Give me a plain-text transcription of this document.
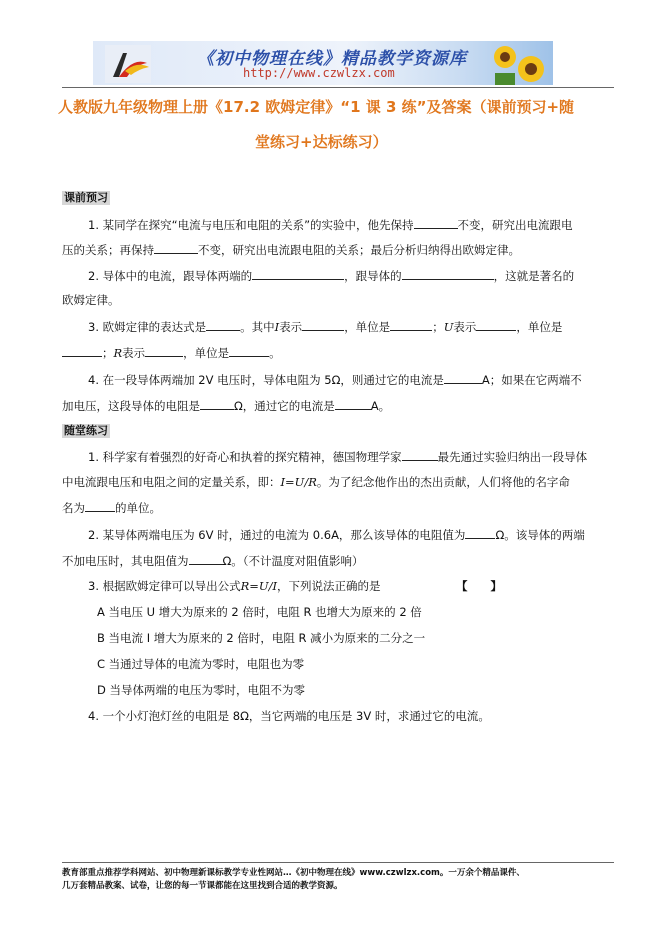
《初中物理在线》精品教学资源库
http://www.czwlzx.com
人教版九年级物理上册《17.2 欧姆定律》“1 课 3 练”及答案（课前预习+随
堂练习+达标练习）
课前预习
1. 某同学在探究“电流与电压和电阻的关系”的实验中，他先保持	不变，研究出电流跟电
压的关系；再保持	不变，研究出电流跟电阻的关系；最后分析归纳得出欧姆定律。
2. 导体中的电流，跟导体两端的	，跟导体的	，这就是著名的
欧姆定律。
3. 欧姆定律的表达式是	。其中I表示	，单位是	；U表示	，单位是
；R表示	，单位是	。
4. 在一段导体两端加 2V 电压时，导体电阻为 5Ω，则通过它的电流是	A；如果在它两端不
加电压，这段导体的电阻是	Ω，通过它的电流是	A。
随堂练习
1. 科学家有着强烈的好奇心和执着的探究精神，德国物理学家	最先通过实验归纳出一段导体
中电流跟电压和电阻之间的定量关系，即：I=U/R。为了纪念他作出的杰出贡献，人们将他的名字命
名为	的单位。
2. 某导体两端电压为 6V 时，通过的电流为 0.6A，那么该导体的电阻值为	Ω。该导体的两端
不加电压时，其电阻值为	Ω。（不计温度对阻值影响）
3. 根据欧姆定律可以导出公式R=U/I，下列说法正确的是	【　　】
A 当电压 U 增大为原来的 2 倍时，电阻 R 也增大为原来的 2 倍
B 当电流 I 增大为原来的 2 倍时，电阻 R 减小为原来的二分之一
C 当通过导体的电流为零时，电阻也为零
D 当导体两端的电压为零时，电阻不为零
4. 一个小灯泡灯丝的电阻是 8Ω，当它两端的电压是 3V 时，求通过它的电流。
教育部重点推荐学科网站、初中物理新课标教学专业性网站…《初中物理在线》www.czwlzx.com。一万余个精品课件、
几万套精品教案、试卷，让您的每一节课都能在这里找到合适的教学资源。
